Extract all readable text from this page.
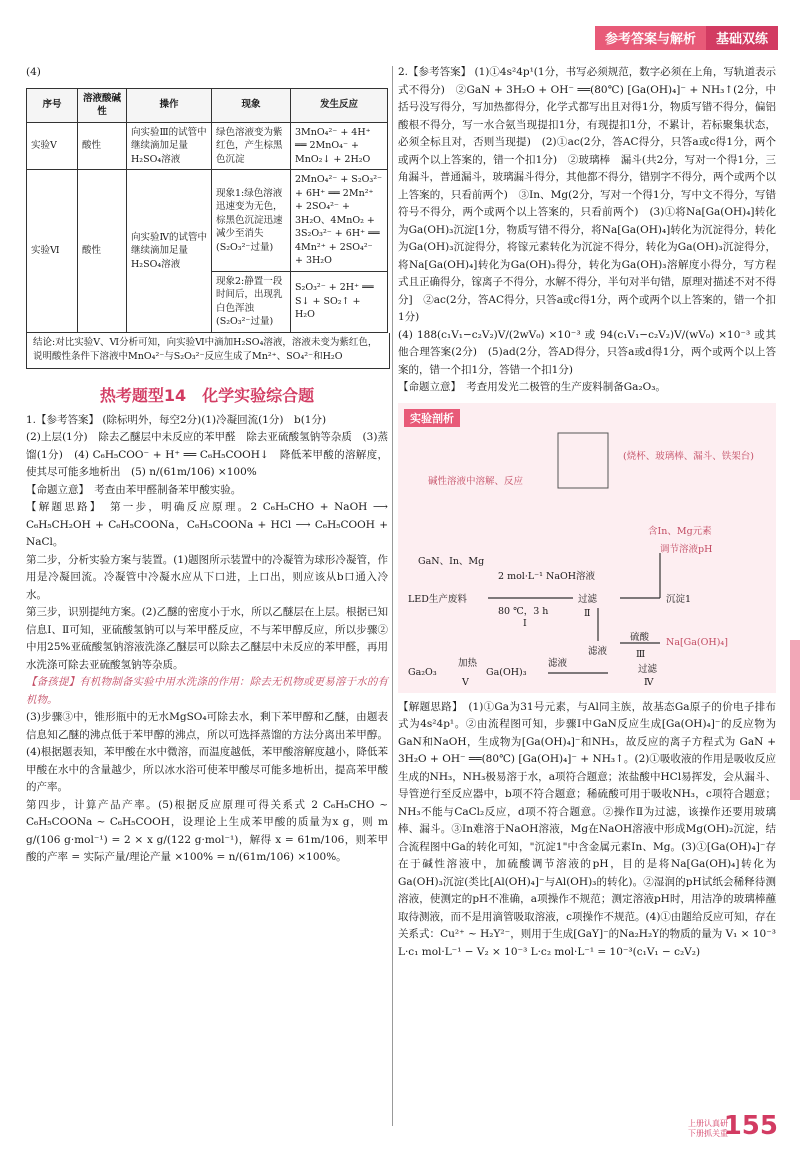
参考答案与解析	基础双练

(4)

序号	溶液酸碱性	操作	现象	发生反应
实验Ⅴ	酸性	向实验Ⅲ的试管中继续滴加足量H₂SO₄溶液	绿色溶液变为紫红色，产生棕黑色沉淀	3MnO₄²⁻ + 4H⁺ ══ 2MnO₄⁻ + MnO₂↓ + 2H₂O
实验Ⅵ	酸性	向实验Ⅳ的试管中继续滴加足量H₂SO₄溶液	现象1:绿色溶液迅速变为无色，棕黑色沉淀迅速减少至消失(S₂O₃²⁻过量)	2MnO₄²⁻ + S₂O₃²⁻ + 6H⁺ ══ 2Mn²⁺ + 2SO₄²⁻ + 3H₂O、4MnO₂ + 3S₂O₃²⁻ + 6H⁺ ══ 4Mn²⁺ + 2SO₄²⁻ + 3H₂O
			现象2:静置一段时间后，出现乳白色浑浊(S₂O₃²⁻过量)	S₂O₃²⁻ + 2H⁺ ══ S↓ + SO₂↑ + H₂O
结论:对比实验Ⅴ、Ⅵ分析可知，向实验Ⅵ中滴加H₂SO₄溶液，溶液未变为紫红色，说明酸性条件下溶液中MnO₄²⁻与S₂O₃²⁻反应生成了Mn²⁺、SO₄²⁻和H₂O
热考题型14　化学实验综合题

1.【参考答案】 (除标明外，每空2分)(1)冷凝回流(1分)　b(1分)

(2)上层(1分)　除去乙醚层中未反应的苯甲醛　除去亚硫酸氢钠等杂质　(3)蒸馏(1分)　(4) C₆H₅COO⁻ + H⁺ ══ C₆H₅COOH↓　降低苯甲酸的溶解度，使其尽可能多地析出　(5) n/(61m/106) ×100%

【命题立意】　考查由苯甲醛制备苯甲酸实验。

【解题思路】　第一步，明确反应原理。2 C₆H₅CHO + NaOH ⟶ C₆H₅CH₂OH + C₆H₅COONa，C₆H₅COONa + HCl ⟶ C₆H₅COOH + NaCl。

第二步，分析实验方案与装置。(1)题图所示装置中的冷凝管为球形冷凝管，作用是冷凝回流。冷凝管中冷凝水应从下口进，上口出，则应该从b口通入冷水。

第三步，识别提纯方案。(2)乙醚的密度小于水，所以乙醚层在上层。根据已知信息Ⅰ、Ⅱ可知，亚硫酸氢钠可以与苯甲醛反应，不与苯甲醇反应，所以步骤②中用25%亚硫酸氢钠溶液洗涤乙醚层可以除去乙醚层中未反应的苯甲醛，再用水洗涤可除去亚硫酸氢钠等杂质。

【备孩提】有机物制备实验中用水洗涤的作用：除去无机物或更易溶于水的有机物。

(3)步骤③中，锥形瓶中的无水MgSO₄可除去水，剩下苯甲醇和乙醚，由题表信息知乙醚的沸点低于苯甲醇的沸点，所以可选择蒸馏的方法分离出苯甲醇。(4)根据题表知，苯甲酸在水中微溶，而温度越低，苯甲酸溶解度越小，降低苯甲酸在水中的含量越少，所以冰水浴可使苯甲酸尽可能多地析出，提高苯甲酸的产率。

第四步，计算产品产率。(5)根据反应原理可得关系式 2 C₆H₅CHO ~ C₆H₅COONa ~ C₆H₅COOH，设理论上生成苯甲酸的质量为x g，则 m g/(106 g·mol⁻¹) = 2 × x g/(122 g·mol⁻¹)，解得 x = 61m/106，则苯甲酸的产率 = 实际产量/理论产量 ×100% = n/(61m/106) ×100%。

2.【参考答案】 (1)①4s²4p¹(1分，书写必须规范，数字必须在上角，写轨道表示式不得分)　②GaN + 3H₂O + OH⁻ ══(80℃) [Ga(OH)₄]⁻ + NH₃↑(2分，中括号没写得分，写加热都得分，化学式都写出且对得1分，物质写错不得分，偏铝酸根不得分，写一水合氨当现提扣1分，有现提扣1分，不累计，若标聚集状态，必须全标且对，否则当现提)　(2)①ac(2分，答AC得分，只答a或c得1分，两个或两个以上答案的，错一个扣1分)　②玻璃棒　漏斗(共2分，写对一个得1分，三角漏斗，普通漏斗，玻璃漏斗得分，其他都不得分，错别字不得分，两个或两个以上答案的，只看前两个)　③In、Mg(2分，写对一个得1分，写中文不得分，写错符号不得分，两个或两个以上答案的，只看前两个)　(3)①将Na[Ga(OH)₄]转化为Ga(OH)₃沉淀[1分，物质写错不得分，将Na[Ga(OH)₄]转化为沉淀得分，转化为Ga(OH)₃沉淀得分，将镓元素转化为沉淀不得分，转化为Ga(OH)₃沉淀得分，将Na[Ga(OH)₄]转化为Ga(OH)₃得分，转化为Ga(OH)₃溶解度小得分，写方程式且正确得分，镓离子不得分，水解不得分，半句对半句错，原理对描述不对不得分]　②ac(2分，答AC得分，只答a或c得1分，两个或两个以上答案的，错一个扣1分)

(4) 188(c₁V₁−c₂V₂)V/(2wV₀) ×10⁻³ 或 94(c₁V₁−c₂V₂)V/(wV₀) ×10⁻³ 或其他合理答案(2分)　(5)ad(2分，答AD得分，只答a或d得1分，两个或两个以上答案的，错一个扣1分，答错一个扣1分)

【命题立意】　考查用发光二极管的生产废料制备Ga₂O₃。

实验剖析
碱性溶液中溶解、反应
(烧杯、玻璃棒、漏斗、铁架台)
含In、Mg元素
调节溶液pH
GaN、In、Mg
2 mol·L⁻¹ NaOH溶液
LED生产废料
80 ℃，3 h
Ⅰ
过滤
Ⅱ
沉淀1
滤液
硫酸
Ⅲ
Na[Ga(OH)₄]
滤液
过滤
Ⅳ
Ga(OH)₃
加热
Ⅴ
Ga₂O₃

【解题思路】　(1)①Ga为31号元素，与Al同主族，故基态Ga原子的价电子排布式为4s²4p¹。②由流程图可知，步骤Ⅰ中GaN反应生成[Ga(OH)₄]⁻的反应物为GaN和NaOH，生成物为[Ga(OH)₄]⁻和NH₃，故反应的离子方程式为 GaN + 3H₂O + OH⁻ ══(80℃) [Ga(OH)₄]⁻ + NH₃↑。(2)①吸收液的作用是吸收反应生成的NH₃，NH₃极易溶于水，a项符合题意；浓盐酸中HCl易挥发，会从漏斗、导管逆行至反应器中，b项不符合题意；稀硫酸可用于吸收NH₃，c项符合题意；NH₃不能与CaCl₂反应，d项不符合题意。②操作Ⅱ为过滤，该操作还要用玻璃棒、漏斗。③In难溶于NaOH溶液，Mg在NaOH溶液中形成Mg(OH)₂沉淀，结合流程图中Ga的转化可知，"沉淀1"中含金属元素In、Mg。(3)①[Ga(OH)₄]⁻存在于碱性溶液中，加硫酸调节溶液的pH，目的是将Na[Ga(OH)₄]转化为Ga(OH)₃沉淀(类比[Al(OH)₄]⁻与Al(OH)₃的转化)。②湿润的pH试纸会稀释待测溶液，使测定的pH不准确，a项操作不规范；测定溶液pH时，用洁净的玻璃棒蘸取待测液，而不是用滴管吸取溶液，c项操作不规范。(4)①由题给反应可知，存在关系式：Cu²⁺ ~ H₂Y²⁻，则用于生成[GaY]⁻的Na₂H₂Y的物质的量为 V₁ × 10⁻³ L·c₁ mol·L⁻¹ − V₂ × 10⁻³ L·c₂ mol·L⁻¹ = 10⁻³(c₁V₁ − c₂V₂)

上册认真研
下册抓关重
155
